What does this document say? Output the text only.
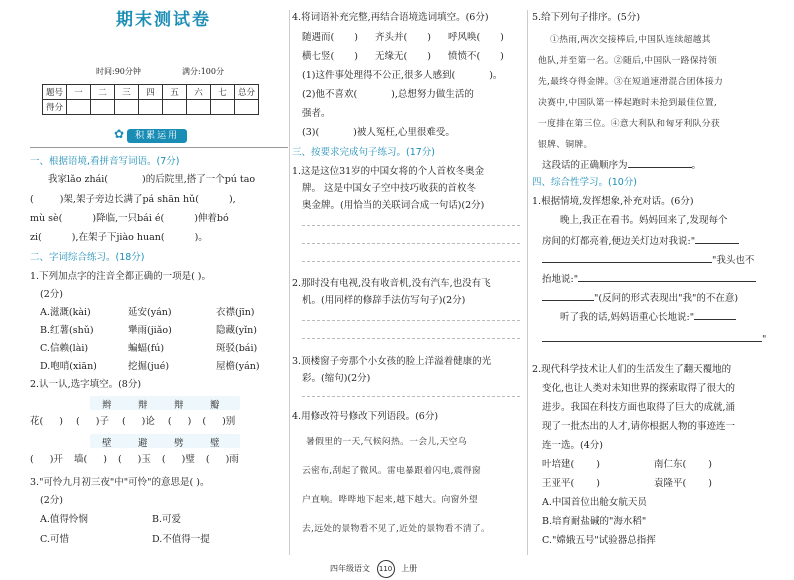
期末测试卷
时间:90分钟	满分:100分
题号	一	二	三	四	五	六	七	总分
得分								
✿ 积累运用
一、根据语境,看拼音写词语。(7分)
我家lǎo zhái(	)的后院里,搭了一个pú tao
(	)架,架子旁边长满了pá shān hǔ(	),
mù sè(	)降临,一只bái é(	)伸着bó
zi(	),在架子下jiào huan(	)。
二、字词综合练习。(18分)
1.下列加点字的注音全都正确的一项是( )。
(2分)
A.滋溉(kài)	延安(yán)	衣襟(jīn)
B.红薯(shǔ)	犟雨(jiǎo)	隐藏(yǐn)
C.信赖(lài)	蝙蝠(fú)	斑驳(bái)
D.咆哨(xiān)	挖掘(jué)	屋檐(yán)
2.认一认,选字填空。(8分)
辫	辩	辩	瓣
花( ) ( )子 ( )论 ( ) ( )别
壁	避	劈	璧
( )开 墙( ) ( )玉 ( )璧 ( )雨
3."可怜九月初三夜"中"可怜"的意思是( )。
(2分)
A.值得怜悯	B.可爱
C.可惜	D.不值得一提
4.将词语补充完整,再结合语境选词填空。(6分)
随遇而( ) 齐头并( ) 呼风唤( )
横七竖( ) 无缘无( ) 愤愤不( )
(1)这件事处理得不公正,很多人感到(	)。
(2)他不喜欢(	),总想努力做生活的
强者。
(3)(	)被人冤枉,心里很难受。
三、按要求完成句子练习。(17分)
1.这是这位31岁的中国女将的个人首枚冬奥金
牌。 这是中国女子空中技巧收获的首枚冬
奥金牌。(用恰当的关联词合成一句话)(2分)
2.那时没有电视,没有收音机,没有汽车,也没有飞
机。(用同样的修辞手法仿写句子)(2分)
3.顶楼窗子旁那个小女孩的脸上洋溢着健康的光
彩。(缩句)(2分)
4.用修改符号修改下列语段。(6分)
暑假里的一天,气候闷热。一会儿,天空乌
云密布,刮起了微风。雷电暴跟着闪电,震得窗
户直响。哗哗地下起来,越下越大。向窗外望
去,远处的景物看不见了,近处的景物看不清了。
5.给下列句子排序。(5分)
①热雨,两次交接棒后,中国队连续超越其
他队,并至第一名。②随后,中国队一路保持领
先,最终夺得金牌。③在短道速滑混合团体接力
决赛中,中国队第一棒起跑时未抢到最佳位置,
一度排在第三位。④意大利队和匈牙利队分获
银牌、铜牌。
这段话的正确顺序为	。
四、综合性学习。(10分)
1.根据情境,发挥想象,补充对话。(6分)
晚上,我正在看书。妈妈回来了,发现每个
房间的灯都亮着,便边关灯边对我说:"
"我头也不
抬地说:"
"(反问的形式表现出"我"的不在意)
听了我的话,妈妈语重心长地说:"
"
2.现代科学技术让人们的生活发生了翻天覆地的
变化,也让人类对未知世界的探索取得了很大的
进步。我国在科技方面也取得了巨大的成就,涌
现了一批杰出的人才,请你根据人物的事迹连一
连一选。(4分)
叶培建( )	南仁东( )
王亚平( )	袁隆平( )
A.中国首位出舱女航天员
B.培育耐盐碱的"海水稻"
C."嫦娥五号"试验器总指挥
四年级语文 110 上册
